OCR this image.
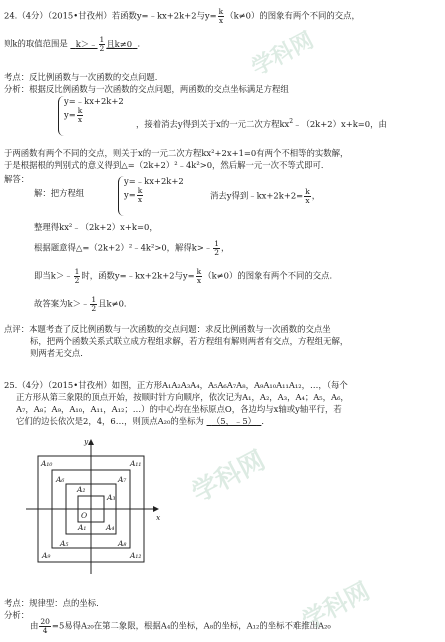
学科网
学科网
学科网
24.（4分）（2015•甘孜州）若函数y=﹣kx+2k+2与$y= \frac{k}{x} (k\ne 0)$的图象有两个不同的交点，
则k的取值范围是 k＞﹣ $\frac{1}{2}$ 且k≠0 ．
考点：反比例函数与一次函数的交点问题．
分析：根据反比例函数与一次函数的交点问题，两函数的交点坐标满足方程组
y=﹣kx+2k+2
$y= \frac{k}{x}$
，接着消去y得到关于x的一元二次方程$kx^2﹣(2k+2)x+k=0$，由
于两函数有两个不同的交点，则关于x的一元二次方程kx²+2x+1=0有两个不相等的实数解，
于是根据根的判别式的意义得到△=（2k+2）²﹣4k²>0，然后解一元一次不等式即可．
解答：
解：把方程组
y=﹣kx+2k+2
$y= \frac{k}{x}$	消去y得到﹣kx+2k+2= $\frac{k}{x}$ ，
整理得kx²﹣（2k+2）x+k=0，
根据题意得△=（2k+2）²﹣4k²>0，解得k>﹣ $\frac{1}{2}$ ，
即当k＞﹣ $\frac{1}{2}$ 时，函数y=﹣kx+2k+2与$y= \frac{k}{x} (k\ne 0)$的图象有两个不同的交点．
故答案为k＞﹣ $\frac{1}{2}$ 且k≠0．
点评：本题考查了反比例函数与一次函数的交点问题：求反比例函数与一次函数的交点坐
标，把两个函数关系式联立成方程组求解，若方程组有解则两者有交点，方程组无解，
则两者无交点．
25.（4分）（2015•甘孜州）如图，正方形A₁A₂A₃A₄，A₅A₆A₇A₈，A₉A₁₀A₁₁A₁₂，…，（每个
正方形从第三象限的顶点开始，按顺时针方向顺序，依次记为A₁，A₂，A₃，A₄；A₅，A₆，
A₇，A₈；A₉，A₁₀，A₁₁，A₁₂；…）的中心均在坐标原点O，各边均与x轴或y轴平行，若
它们的边长依次是2，4，6…，则顶点A₂₀的坐标为 （5，﹣5） ．
y
x
O
A₁
A₂
A₃
A₄
A₅
A₆	A₇
A₈
A₉
A₁₀	A₁₁
A₁₂
考点：规律型：点的坐标．
分析：
由 $\frac{20}{4} =5$易得A₂₀在第二象限，根据A₄的坐标，A₈的坐标，A₁₂的坐标不难推出A₂₀
